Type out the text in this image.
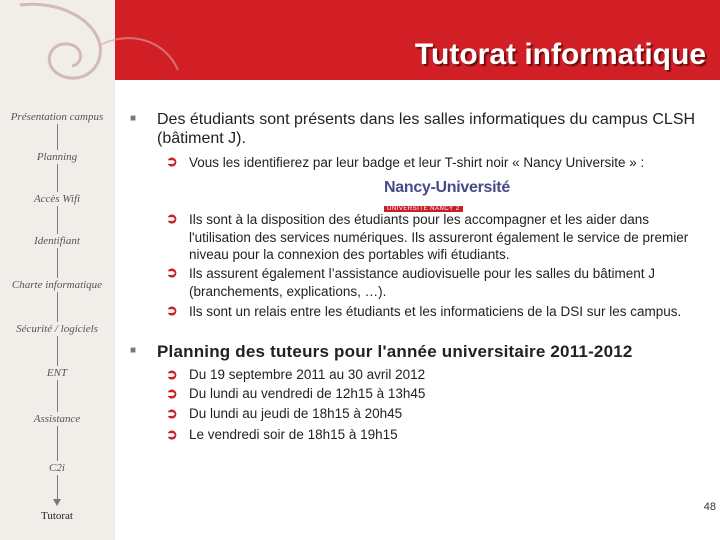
Tutorat informatique
Présentation campus
Planning
Accès Wifi
Identifiant
Charte informatique
Sécurité / logiciels
ENT
Assistance
C2i
Tutorat
■ Des étudiants sont présents dans les salles informatiques du campus CLSH (bâtiment J).
➲ Vous les identifierez par leur badge et leur T-shirt noir « Nancy Universite » :
Nancy-Université
UNIVERSITÉ NANCY 2
➲ Ils sont à la disposition des étudiants pour les accompagner et les aider dans l'utilisation des services numériques. Ils assureront également le service de premier niveau pour la connexion des portables wifi étudiants.
➲ Ils assurent également l’assistance audiovisuelle pour les salles du bâtiment J (branchements, explications, …).
➲ Ils sont un relais entre les étudiants et les informaticiens de la DSI sur les campus.
■ Planning des tuteurs pour l'année universitaire 2011-2012
➲ Du 19 septembre 2011 au 30 avril 2012
➲ Du lundi au vendredi de 12h15 à 13h45
➲ Du lundi au jeudi de 18h15 à 20h45
➲ Le vendredi soir de 18h15 à 19h15
48
